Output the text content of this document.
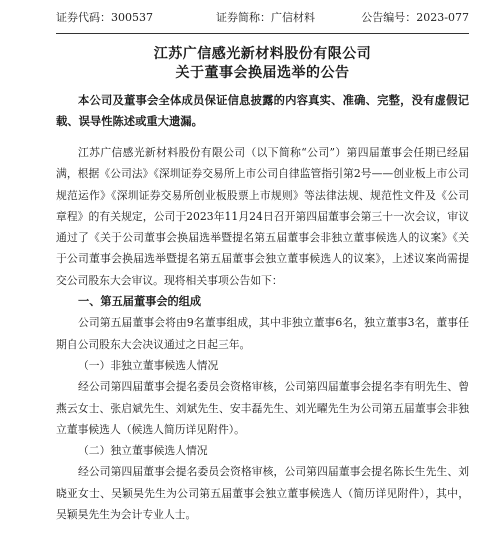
证券代码：300537	证券简称：广信材料	公告编号：2023-077
江苏广信感光新材料股份有限公司
关于董事会换届选举的公告
本公司及董事会全体成员保证信息披露的内容真实、准确、完整，没有虚假记载、误导性陈述或重大遗漏。

江苏广信感光新材料股份有限公司（以下简称“公司”）第四届董事会任期已经届满，根据《公司法》《深圳证券交易所上市公司自律监管指引第2号——创业板上市公司规范运作》《深圳证券交易所创业板股票上市规则》等法律法规、规范性文件及《公司章程》的有关规定，公司于2023年11月24日召开第四届董事会第三十一次会议，审议通过了《关于公司董事会换届选举暨提名第五届董事会非独立董事候选人的议案》《关于公司董事会换届选举暨提名第五届董事会独立董事候选人的议案》，上述议案尚需提交公司股东大会审议。现将相关事项公告如下：

一、第五届董事会的组成

公司第五届董事会将由9名董事组成，其中非独立董事6名，独立董事3名，董事任期自公司股东大会决议通过之日起三年。

（一）非独立董事候选人情况

经公司第四届董事会提名委员会资格审核，公司第四届董事会提名李有明先生、曾燕云女士、张启斌先生、刘斌先生、安丰磊先生、刘光曜先生为公司第五届董事会非独立董事候选人（候选人简历详见附件）。

（二）独立董事候选人情况

经公司第四届董事会提名委员会资格审核，公司第四届董事会提名陈长生先生、刘晓亚女士、吴颖昊先生为公司第五届董事会独立董事候选人（简历详见附件），其中，吴颖昊先生为会计专业人士。
